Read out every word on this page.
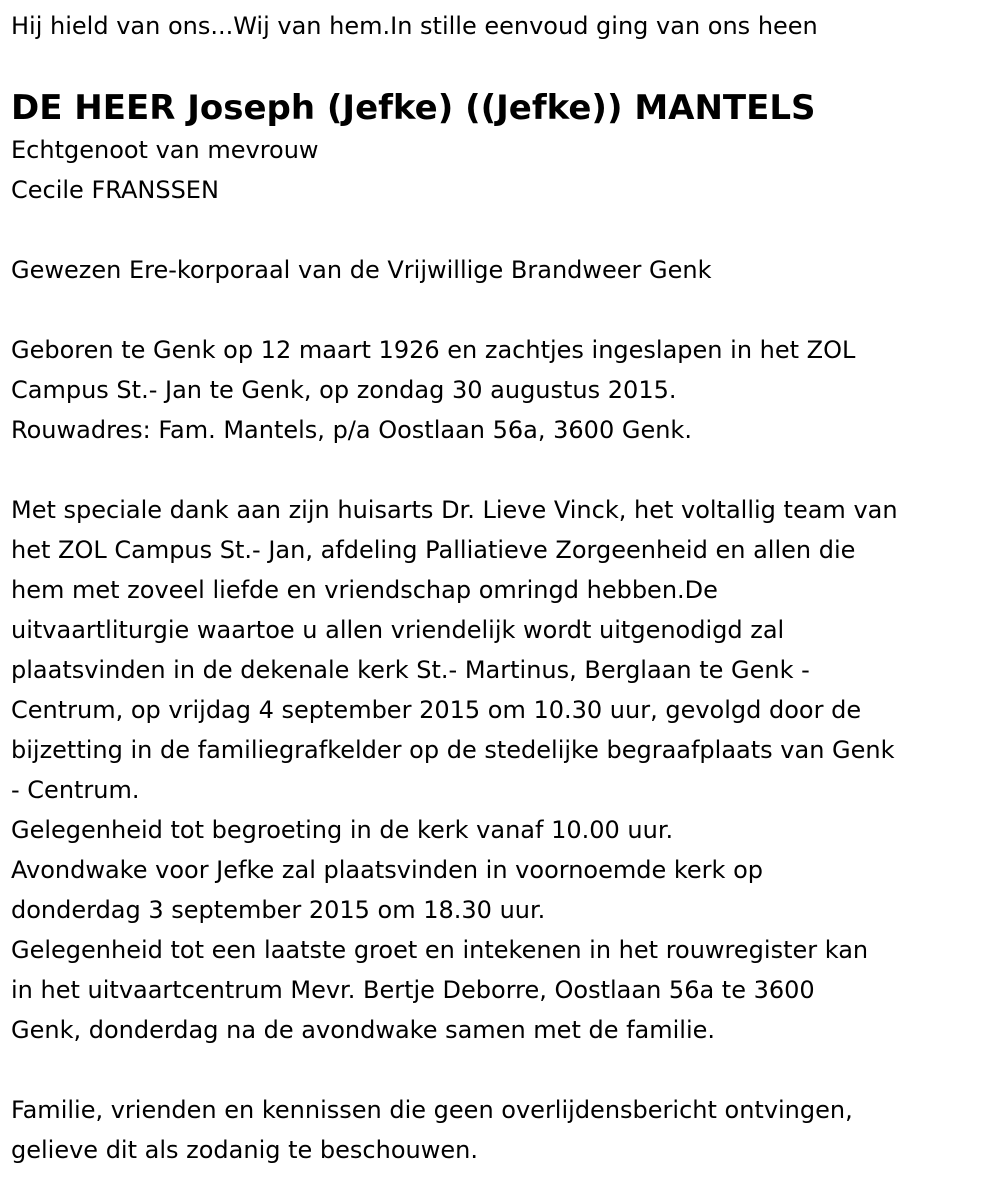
Hij hield van ons...Wij van hem.In stille eenvoud ging van ons heen
DE HEER Joseph (Jefke) ((Jefke)) MANTELS
Echtgenoot van mevrouw
Cecile FRANSSEN
Gewezen Ere-korporaal van de Vrijwillige Brandweer Genk
Geboren te Genk op 12 maart 1926 en zachtjes ingeslapen in het ZOL
Campus St.- Jan te Genk, op zondag 30 augustus 2015.
Rouwadres: Fam. Mantels, p/a Oostlaan 56a, 3600 Genk.
Met speciale dank aan zijn huisarts Dr. Lieve Vinck, het voltallig team van
het ZOL Campus St.- Jan, afdeling Palliatieve Zorgeenheid en allen die
hem met zoveel liefde en vriendschap omringd hebben.De
uitvaartliturgie waartoe u allen vriendelijk wordt uitgenodigd zal
plaatsvinden in de dekenale kerk St.- Martinus, Berglaan te Genk -
Centrum, op vrijdag 4 september 2015 om 10.30 uur, gevolgd door de
bijzetting in de familiegrafkelder op de stedelijke begraafplaats van Genk
- Centrum.
Gelegenheid tot begroeting in de kerk vanaf 10.00 uur.
Avondwake voor Jefke zal plaatsvinden in voornoemde kerk op
donderdag 3 september 2015 om 18.30 uur.
Gelegenheid tot een laatste groet en intekenen in het rouwregister kan
in het uitvaartcentrum Mevr. Bertje Deborre, Oostlaan 56a te 3600
Genk, donderdag na de avondwake samen met de familie.
Familie, vrienden en kennissen die geen overlijdensbericht ontvingen,
gelieve dit als zodanig te beschouwen.
